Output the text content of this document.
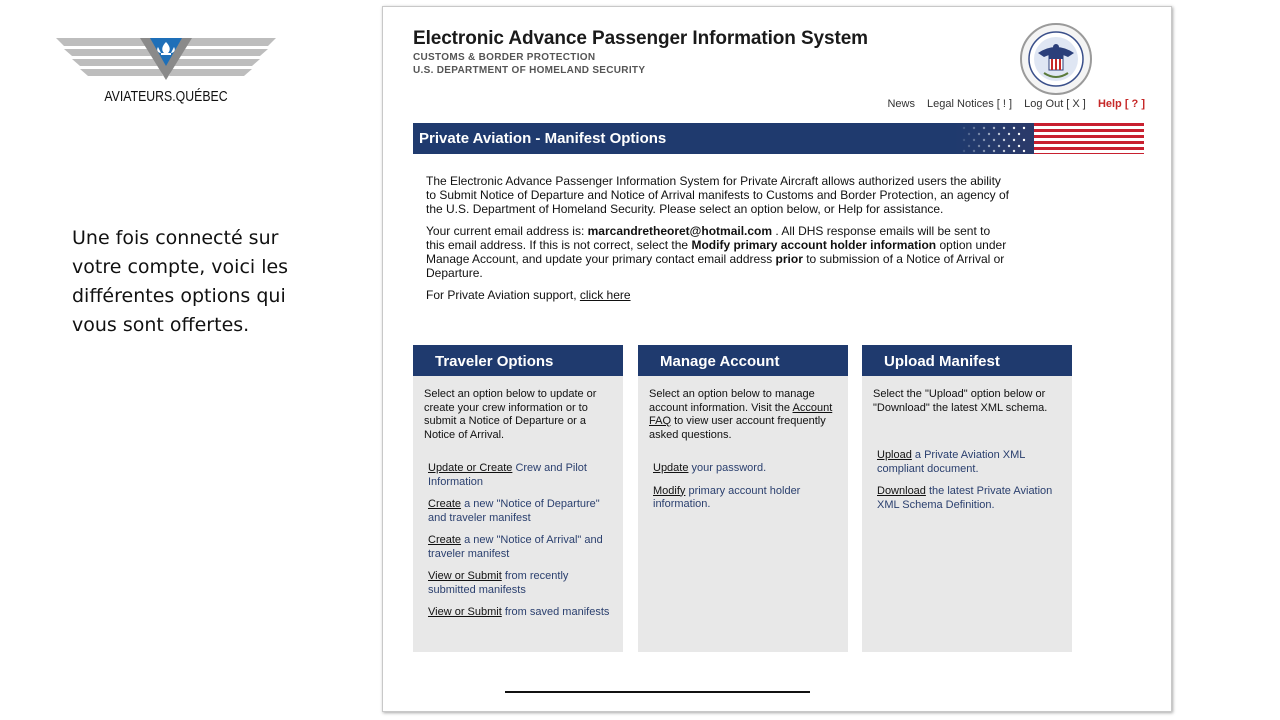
AVIATEURS.QUÉBEC
Une fois connecté sur votre compte, voici les différentes options qui vous sont offertes.
Electronic Advance Passenger Information System
CUSTOMS & BORDER PROTECTION
U.S. DEPARTMENT OF HOMELAND SECURITY
News Legal Notices [ ! ] Log Out [ X ] Help [ ? ]
Private Aviation - Manifest Options

The Electronic Advance Passenger Information System for Private Aircraft allows authorized users the ability to Submit Notice of Departure and Notice of Arrival manifests to Customs and Border Protection, an agency of the U.S. Department of Homeland Security. Please select an option below, or Help for assistance.

Your current email address is: marcandretheoret@hotmail.com . All DHS response emails will be sent to this email address. If this is not correct, select the Modify primary account holder information option under Manage Account, and update your primary contact email address prior to submission of a Notice of Arrival or Departure.

For Private Aviation support, click here

Traveler Options
Select an option below to update or create your crew information or to submit a Notice of Departure or a Notice of Arrival.
Update or Create Crew and Pilot Information
Create a new "Notice of Departure" and traveler manifest
Create a new "Notice of Arrival" and traveler manifest
View or Submit from recently submitted manifests
View or Submit from saved manifests
Manage Account
Select an option below to manage account information. Visit the Account FAQ to view user account frequently asked questions.
Update your password.
Modify primary account holder information.
Upload Manifest
Select the "Upload" option below or "Download" the latest XML schema.
Upload a Private Aviation XML compliant document.
Download the latest Private Aviation XML Schema Definition.
